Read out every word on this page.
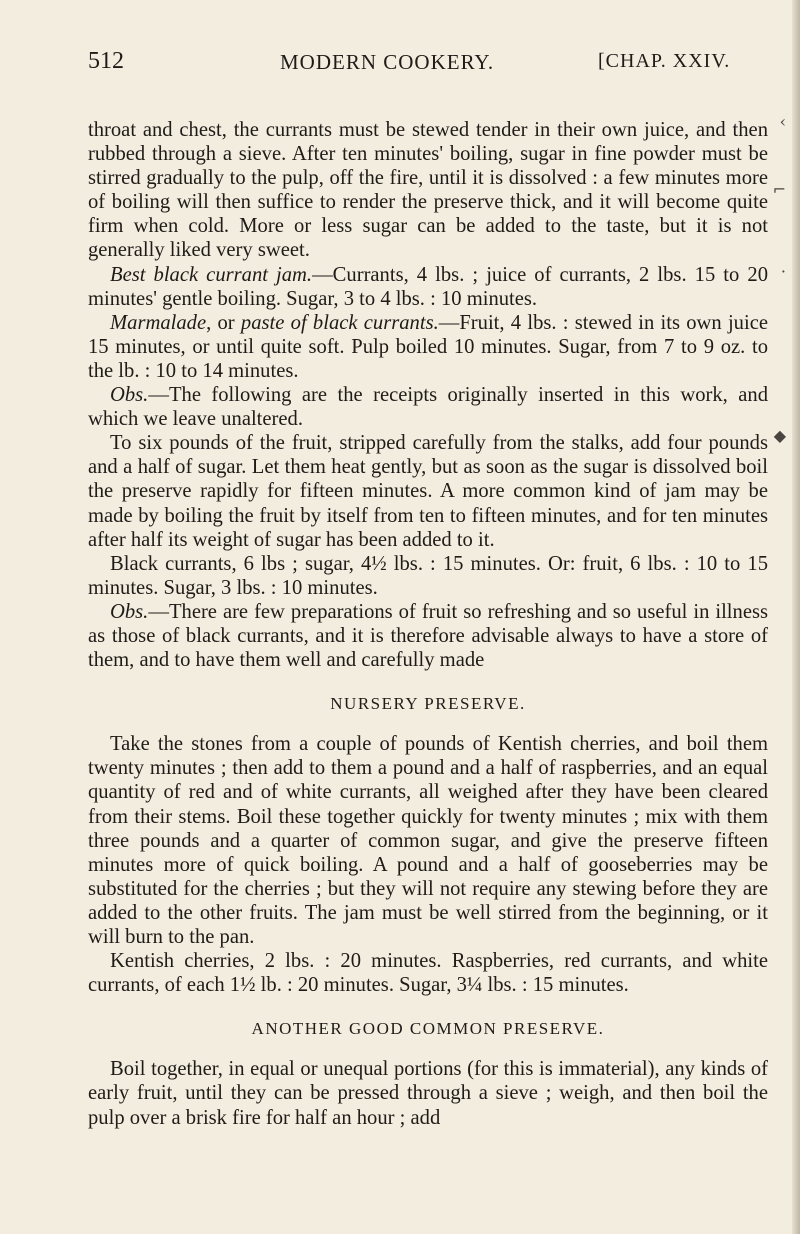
‹
⌐
·
◆
512	MODERN COOKERY.	[CHAP. XXIV.

throat and chest, the currants must be stewed tender in their own juice, and then rubbed through a sieve. After ten minutes' boiling, sugar in fine powder must be stirred gradually to the pulp, off the fire, until it is dissolved : a few minutes more of boiling will then suffice to render the preserve thick, and it will become quite firm when cold. More or less sugar can be added to the taste, but it is not generally liked very sweet.

Best black currant jam.—Currants, 4 lbs. ; juice of currants, 2 lbs. 15 to 20 minutes' gentle boiling. Sugar, 3 to 4 lbs. : 10 minutes.

Marmalade, or paste of black currants.—Fruit, 4 lbs. : stewed in its own juice 15 minutes, or until quite soft. Pulp boiled 10 minutes. Sugar, from 7 to 9 oz. to the lb. : 10 to 14 minutes.

Obs.—The following are the receipts originally inserted in this work, and which we leave unaltered.

To six pounds of the fruit, stripped carefully from the stalks, add four pounds and a half of sugar. Let them heat gently, but as soon as the sugar is dissolved boil the preserve rapidly for fifteen minutes. A more common kind of jam may be made by boiling the fruit by itself from ten to fifteen minutes, and for ten minutes after half its weight of sugar has been added to it.

Black currants, 6 lbs ; sugar, 4½ lbs. : 15 minutes. Or: fruit, 6 lbs. : 10 to 15 minutes. Sugar, 3 lbs. : 10 minutes.

Obs.—There are few preparations of fruit so refreshing and so useful in illness as those of black currants, and it is therefore advisable always to have a store of them, and to have them well and carefully made

NURSERY PRESERVE.

Take the stones from a couple of pounds of Kentish cherries, and boil them twenty minutes ; then add to them a pound and a half of raspberries, and an equal quantity of red and of white currants, all weighed after they have been cleared from their stems. Boil these together quickly for twenty minutes ; mix with them three pounds and a quarter of common sugar, and give the preserve fifteen minutes more of quick boiling. A pound and a half of gooseberries may be substituted for the cherries ; but they will not require any stewing before they are added to the other fruits. The jam must be well stirred from the beginning, or it will burn to the pan.

Kentish cherries, 2 lbs. : 20 minutes. Raspberries, red currants, and white currants, of each 1½ lb. : 20 minutes. Sugar, 3¼ lbs. : 15 minutes.

ANOTHER GOOD COMMON PRESERVE.

Boil together, in equal or unequal portions (for this is immaterial), any kinds of early fruit, until they can be pressed through a sieve ; weigh, and then boil the pulp over a brisk fire for half an hour ; add
